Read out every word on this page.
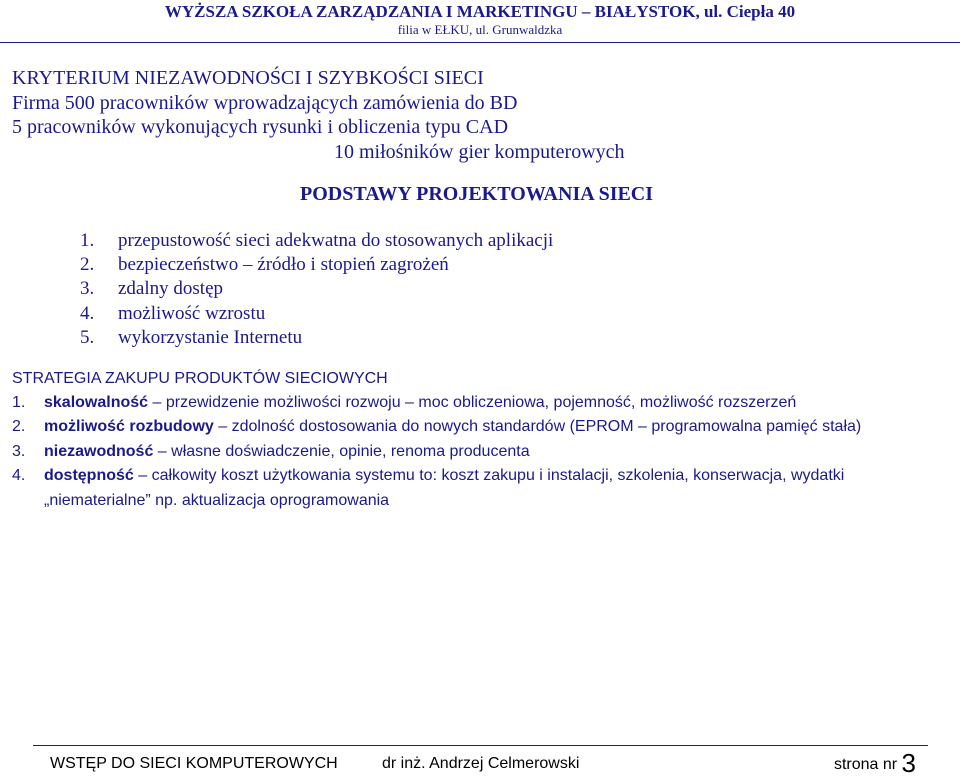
WYŻSZA SZKOŁA ZARZĄDZANIA I MARKETINGU – BIAŁYSTOK, ul. Ciepła 40
filia w EŁKU, ul. Grunwaldzka
KRYTERIUM NIEZAWODNOŚCI I SZYBKOŚCI SIECI
Firma 500 pracowników wprowadzających zamówienia do BD
5 pracowników wykonujących rysunki i obliczenia typu CAD
10 miłośników gier komputerowych
PODSTAWY PROJEKTOWANIA SIECI
1. przepustowość sieci adekwatna do stosowanych aplikacji
2. bezpieczeństwo – źródło i stopień zagrożeń
3. zdalny dostęp
4. możliwość wzrostu
5. wykorzystanie Internetu
STRATEGIA ZAKUPU PRODUKTÓW SIECIOWYCH
1. skalowalność – przewidzenie możliwości rozwoju – moc obliczeniowa, pojemność, możliwość rozszerzeń
2. możliwość rozbudowy – zdolność dostosowania do nowych standardów (EPROM – programowalna pamięć stała)
3. niezawodność – własne doświadczenie, opinie, renoma producenta
4. dostępność – całkowity koszt użytkowania systemu to: koszt zakupu i instalacji, szkolenia, konserwacja, wydatki „niematerialne” np. aktualizacja oprogramowania
WSTĘP DO SIECI KOMPUTEROWYCH	dr inż. Andrzej Celmerowski	strona nr 3
